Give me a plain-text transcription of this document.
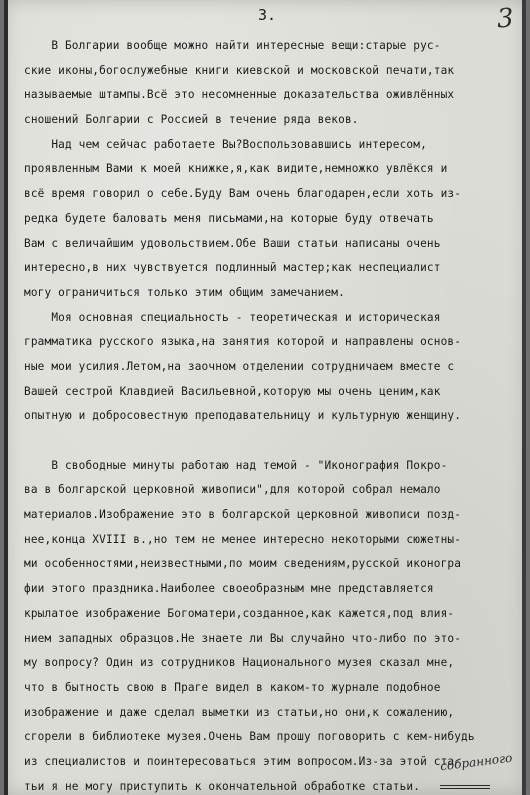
3.	3
В Болгарии вообще можно найти интересные вещи:старые рус-
ские иконы,богослужебные книги киевской и московской печати,так
называемые штампы.Всё это несомненные доказательства оживлённых
сношений Болгарии с Россией в течение ряда веков.
Над чем сейчас работаете Вы?Воспользовавшись интересом,
проявленным Вами к моей книжке,я,как видите,немножко увлёкся и
всё время говорил о себе.Буду Вам очень благодарен,если хоть из-
редка будете баловать меня письмами,на которые буду отвечать
Вам с величайшим удовольствием.Обе Ваши статьи написаны очень
интересно,в них чувствуется подлинный мастер;как неспециалист
могу ограничиться только этим общим замечанием.
Моя основная специальность - теоретическая и историческая
грамматика русского языка,на занятия которой и направлены основ-
ные мои усилия.Летом,на заочном отделении сотрудничаем вместе с
Вашей сестрой Клавдией Васильевной,которую мы очень ценим,как
опытную и добросовестную преподавательницу и культурную женщину.
В свободные минуты работаю над темой - "Иконография Покро-
ва в болгарской церковной живописи",для которой собрал немало
материалов.Изображение это в болгарской церковной живописи позд-
нее,конца XVIII в.,но тем не менее интересно некоторыми сюжетны-
ми особенностями,неизвестными,по моим сведениям,русской иконогра
фии этого праздника.Наиболее своеобразным мне представляется
крылатое изображение Богоматери,созданное,как кажется,под влия-
нием западных образцов.Не знаете ли Вы случайно что-либо по это-
му вопросу? Один из сотрудников Национального музея сказал мне,
что в бытность свою в Праге видел в каком-то журнале подобное
изображение и даже сделал выметки из статьи,но они,к сожалению,
сгорели в библиотеке музея.Очень Вам прошу поговорить с кем-нибудь
из специалистов и поинтересоваться этим вопросом.Из-за этой ста-
тьи я не могу приступить к окончательной обработке статьи.
собранного
